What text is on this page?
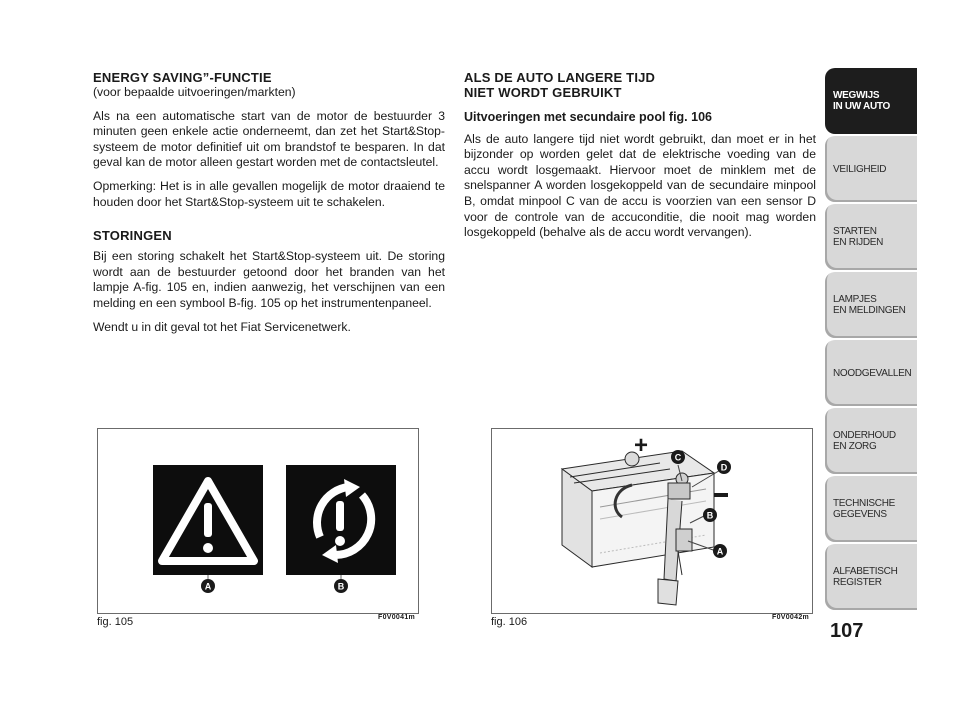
ENERGY SAVING”-FUNCTIE

(voor bepaalde uitvoeringen/markten)

Als na een automatische start van de motor de bestuurder 3 minuten geen enkele actie onderneemt, dan zet het Start&Stop-systeem de motor definitief uit om brandstof te besparen. In dat geval kan de motor alleen gestart worden met de contactsleutel.

Opmerking: Het is in alle gevallen mogelijk de motor draaiend te houden door het Start&Stop-systeem uit te schakelen.

STORINGEN

Bij een storing schakelt het Start&Stop-systeem uit. De storing wordt aan de bestuurder getoond door het branden van het lampje A-fig. 105 en, indien aanwezig, het verschijnen van een melding en een symbool B-fig. 105 op het instrumentenpaneel.

Wendt u in dit geval tot het Fiat Servicenetwerk.

ALS DE AUTO LANGERE TIJD
NIET WORDT GEBRUIKT
Uitvoeringen met secundaire pool fig. 106

Als de auto langere tijd niet wordt gebruikt, dan moet er in het bijzonder op worden gelet dat de elektrische voeding van de accu wordt losgemaakt. Hiervoor moet de minklem met de snelspanner A worden losgekoppeld van de secundaire minpool B, omdat minpool C van de accu is voorzien van een sensor D voor de controle van de accuconditie, die nooit mag worden losgekoppeld (behalve als de accu wordt vervangen).

A	B
fig. 105	F0V0041m
+	C
D
B
A
fig. 106	F0V0042m
WEGWIJS
IN UW AUTO
VEILIGHEID
STARTEN
EN RIJDEN
LAMPJES
EN MELDINGEN
NOODGEVALLEN
ONDERHOUD
EN ZORG
TECHNISCHE
GEGEVENS
ALFABETISCH
REGISTER
107
